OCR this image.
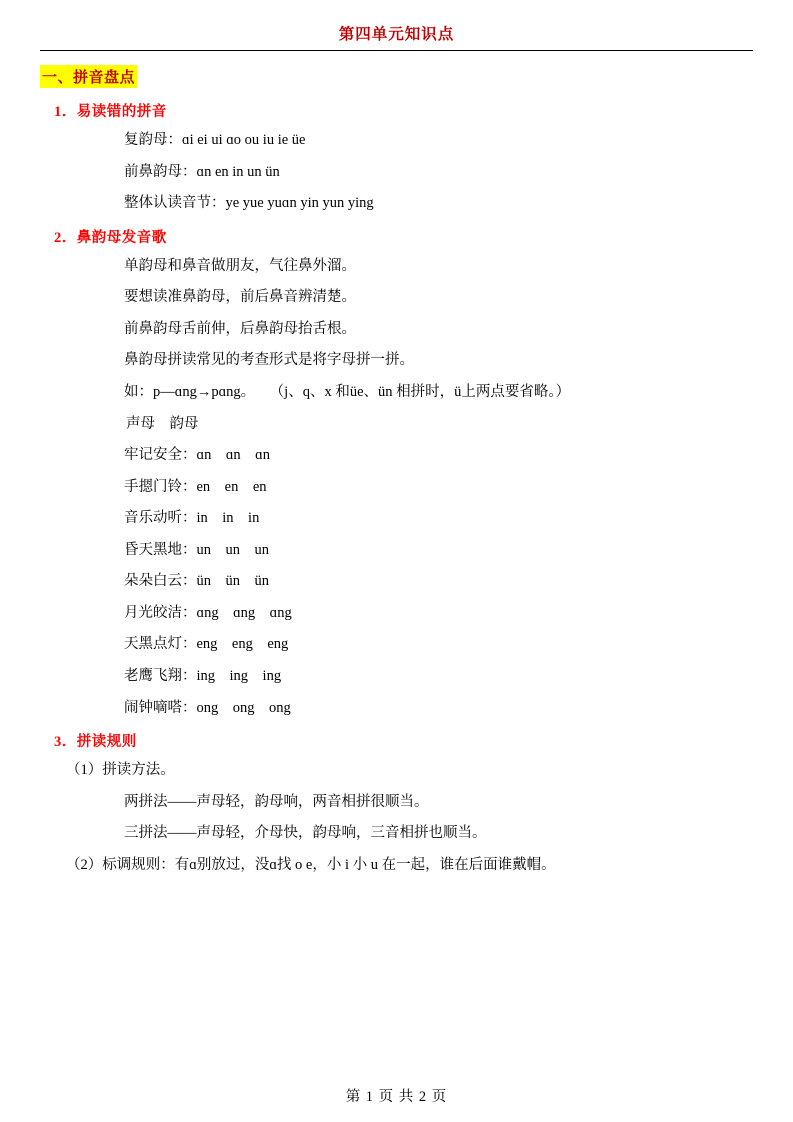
第四单元知识点
一、拼音盘点
1．易读错的拼音
复韵母：ɑi ei ui ɑo ou iu ie üe
前鼻韵母：ɑn en in un ün
整体认读音节：ye yue yuɑn yin yun ying
2．鼻韵母发音歌
单韵母和鼻音做朋友，气往鼻外溜。
要想读准鼻韵母，前后鼻音辨清楚。
前鼻韵母舌前伸，后鼻韵母抬舌根。
鼻韵母拼读常见的考查形式是将字母拼一拼。
如：p—ɑng→pɑng。    （j、q、x 和üe、ün 相拼时，ü上两点要省略。）
声母    韵母
牢记安全：ɑn　ɑn　ɑn
手摁门铃：en　en　en
音乐动听：in　in　in
昏天黑地：un　un　un
朵朵白云：ün　ün　ün
月光皎洁：ɑng　ɑng　ɑng
天黑点灯：eng　eng　eng
老鹰飞翔：ing　ing　ing
闹钟嘀嗒：ong　ong　ong
3．拼读规则
（1）拼读方法。
两拼法——声母轻，韵母响，两音相拼很顺当。
三拼法——声母轻，介母快，韵母响，三音相拼也顺当。
（2）标调规则：有ɑ别放过，没ɑ找 o e，小 i 小 u 在一起，谁在后面谁戴帽。
第 1 页 共 2 页
